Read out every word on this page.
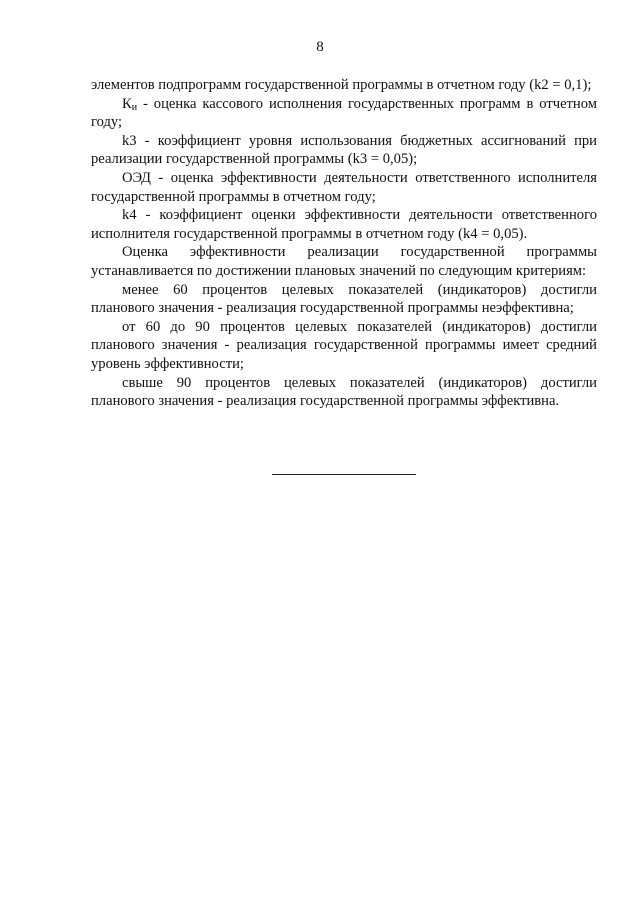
8

элементов подпрограмм государственной программы в отчетном году (k2 = 0,1);

$К_и$ - оценка кассового исполнения государственных программ в отчетном году;

k3 - коэффициент уровня использования бюджетных ассигнований при реализации государственной программы (k3 = 0,05);

ОЭД - оценка эффективности деятельности ответственного исполнителя государственной программы в отчетном году;

k4 - коэффициент оценки эффективности деятельности ответственного исполнителя государственной программы в отчетном году (k4 = 0,05).

Оценка эффективности реализации государственной программы устанавливается по достижении плановых значений по следующим критериям:

менее 60 процентов целевых показателей (индикаторов) достигли планового значения - реализация государственной программы неэффективна;

от 60 до 90 процентов целевых показателей (индикаторов) достигли планового значения - реализация государственной программы имеет средний уровень эффективности;

свыше 90 процентов целевых показателей (индикаторов) достигли планового значения - реализация государственной программы эффективна.
